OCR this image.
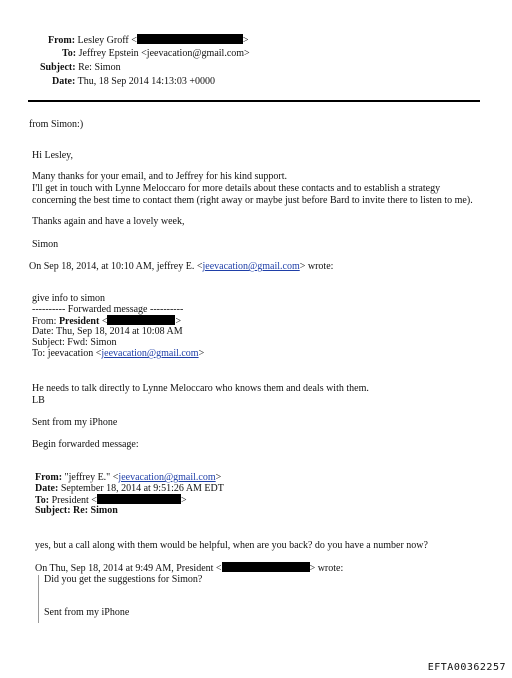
From: Lesley Groff <	>
To: Jeffrey Epstein <jeevacation@gmail.com>
Subject: Re: Simon
Date: Thu, 18 Sep 2014 14:13:03 +0000
from Simon:)
Hi Lesley,
Many thanks for your email, and to Jeffrey for his kind support.
I'll get in touch with Lynne Meloccaro for more details about these contacts and to establish a strategy
concerning the best time to contact them (right away or maybe just before Bard to invite there to listen to me).
Thanks again and have a lovely week,
Simon
On Sep 18, 2014, at 10:10 AM, jeffrey E. <jeevacation@gmail.com> wrote:
give info to simon
---------- Forwarded message ----------
From: President <	>
Date: Thu, Sep 18, 2014 at 10:08 AM
Subject: Fwd: Simon
To: jeevacation <jeevacation@gmail.com>
He needs to talk directly to Lynne Meloccaro who knows them and deals with them.
LB
Sent from my iPhone
Begin forwarded message:
From: "jeffrey E." <jeevacation@gmail.com>
Date: September 18, 2014 at 9:51:26 AM EDT
To: President <	>
Subject: Re: Simon
yes, but a call along with them would be helpful, when are you back? do you have a number now?
On Thu, Sep 18, 2014 at 9:49 AM, President <	> wrote:
Did you get the suggestions for Simon?
Sent from my iPhone
EFTA00362257
